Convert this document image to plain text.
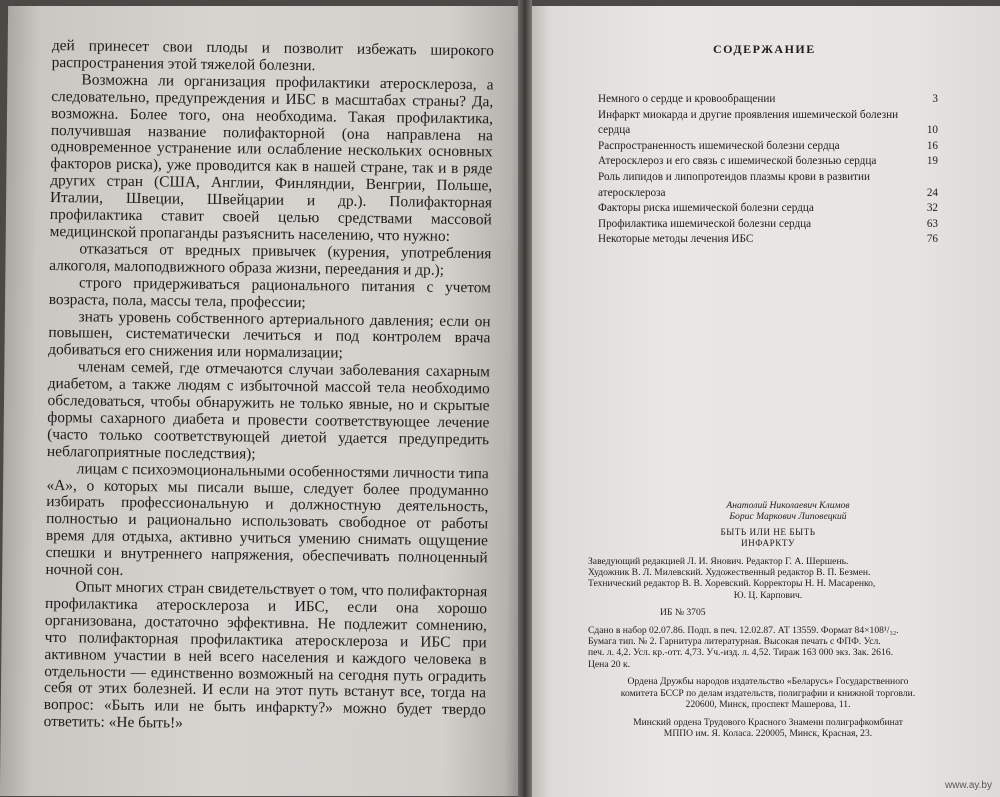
дей принесет свои плоды и позволит избежать широкого распространения этой тяжелой болезни.

Возможна ли организация профилактики атеросклероза, а следовательно, предупреждения и ИБС в масштабах страны? Да, возможна. Более того, она необходима. Такая профилактика, получившая название полифакторной (она направлена на одновременное устранение или ослабление нескольких основных факторов риска), уже проводится как в нашей стране, так и в ряде других стран (США, Англии, Финляндии, Венгрии, Польше, Италии, Швеции, Швейцарии и др.). Полифакторная профилактика ставит своей целью средствами массовой медицинской пропаганды разъяснить населению, что нужно:

отказаться от вредных привычек (курения, употребления алкоголя, малоподвижного образа жизни, переедания и др.);

строго придерживаться рационального питания с учетом возраста, пола, массы тела, профессии;

знать уровень собственного артериального давления; если он повышен, систематически лечиться и под контролем врача добиваться его снижения или нормализации;

членам семей, где отмечаются случаи заболевания сахарным диабетом, а также людям с избыточной массой тела необходимо обследоваться, чтобы обнаружить не только явные, но и скрытые формы сахарного диабета и провести соответствующее лечение (часто только соответствующей диетой удается предупредить неблагоприятные последствия);

лицам с психоэмоциональными особенностями личности типа «А», о которых мы писали выше, следует более продуманно избирать профессиональную и должностную деятельность, полностью и рационально использовать свободное от работы время для отдыха, активно учиться умению снимать ощущение спешки и внутреннего напряжения, обеспечивать полноценный ночной сон.

Опыт многих стран свидетельствует о том, что полифакторная профилактика атеросклероза и ИБС, если она хорошо организована, достаточно эффективна. Не подлежит сомнению, что полифакторная профилактика атеросклероза и ИБС при активном участии в ней всего населения и каждого человека в отдельности — единственно возможный на сегодня путь оградить себя от этих болезней. И если на этот путь встанут все, тогда на вопрос: «Быть или не быть инфаркту?» можно будет твердо ответить: «Не быть!»

СОДЕРЖАНИЕ
Немного о сердце и кровообращении	3
Инфаркт миокарда и другие проявления ишемической болезни сердца	10
Распространенность ишемической болезни сердца	16
Атеросклероз и его связь с ишемической болезнью сердца	19
Роль липидов и липопротеидов плазмы крови в развитии атеросклероза	24
Факторы риска ишемической болезни сердца	32
Профилактика ишемической болезни сердца	63
Некоторые методы лечения ИБС	76
Анатолий Николаевич Климов
Борис Маркович Липовецкий
БЫТЬ ИЛИ НЕ БЫТЬ
ИНФАРКТУ
Заведующий редакцией Л. И. Янович. Редактор Г. А. Шершень.
Художник В. Л. Милевский. Художественный редактор В. П. Безмен.
Технический редактор В. В. Хоревский. Корректоры Н. Н. Масаренко,
Ю. Ц. Карпович.
ИБ № 3705
Сдано в набор 02.07.86. Подп. в печ. 12.02.87. АТ 13559. Формат 84×108¹/₃₂.
Бумага тип. № 2. Гарнитура литературная. Высокая печать с ФПФ. Усл.
печ. л. 4,2. Усл. кр.-отт. 4,73. Уч.-изд. л. 4,52. Тираж 163 000 экз. Зак. 2616.
Цена 20 к.
Ордена Дружбы народов издательство «Беларусь» Государственного
комитета БССР по делам издательств, полиграфии и книжной торговли.
220600, Минск, проспект Машерова, 11.
Минский ордена Трудового Красного Знамени полиграфкомбинат
МППО им. Я. Коласа. 220005, Минск, Красная, 23.
www.ay.by
